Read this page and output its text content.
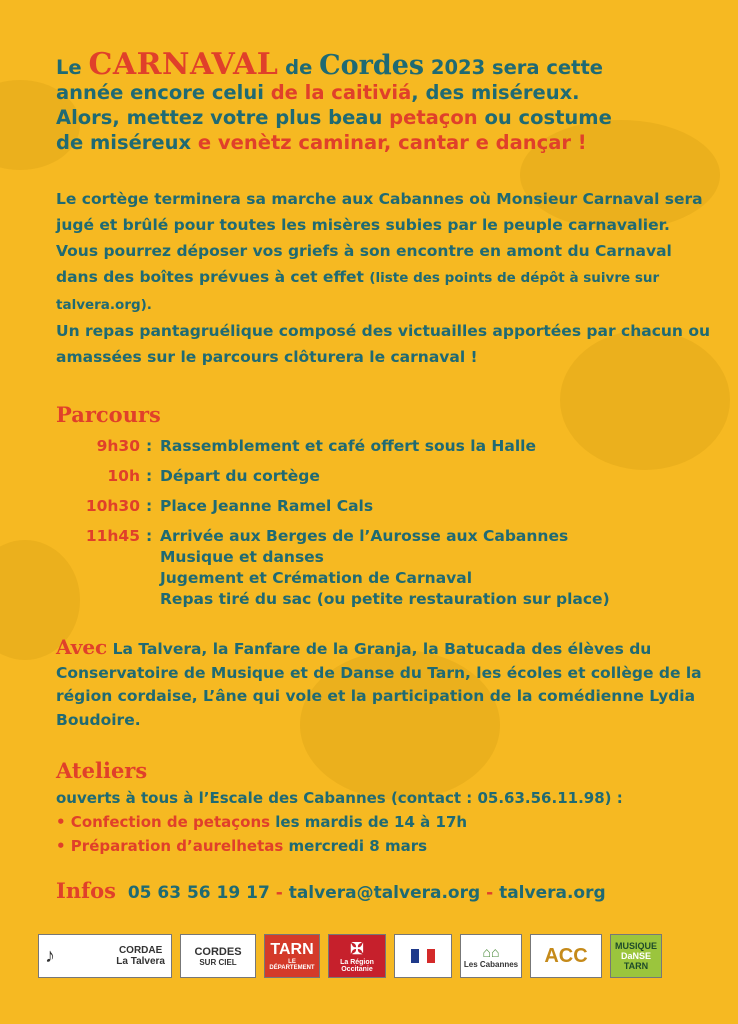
Le CARNAVAL de Cordes 2023 sera cette
année encore celui de la caitiviá, des miséreux.
Alors, mettez votre plus beau petaçon ou costume
de miséreux e venètz caminar, cantar e dançar !

Le cortège terminera sa marche aux Cabannes où Monsieur Carnaval sera jugé et brûlé pour toutes les misères subies par le peuple carnavalier.

Vous pourrez déposer vos griefs à son encontre en amont du Carnaval dans des boîtes prévues à cet effet (liste des points de dépôt à suivre sur talvera.org).

Un repas pantagruélique composé des victuailles apportées par chacun ou amassées sur le parcours clôturera le carnaval !

Parcours
9h30 : Rassemblement et café offert sous la Halle
10h : Départ du cortège
10h30 : Place Jeanne Ramel Cals
11h45 : Arrivée aux Berges de l’Aurosse aux Cabannes
Musique et danses
Jugement et Crémation de Carnaval
Repas tiré du sac (ou petite restauration sur place)
Avec La Talvera, la Fanfare de la Granja, la Batucada des élèves du Conservatoire de Musique et de Danse du Tarn, les écoles et collège de la région cordaise, L’âne qui vole et la participation de la comédienne Lydia Boudoire.
Ateliers
ouverts à tous à l’Escale des Cabannes (contact : 05.63.56.11.98) :
• Confection de petaçons les mardis de 14 à 17h
• Préparation d’aurelhetas mercredi 8 mars
Infos 05 63 56 19 17 - talvera@talvera.org - talvera.org
♪	CORDAE
La Talvera
CORDES
SUR CIEL
TARN
LE DÉPARTEMENT
✠
La Région
Occitanie
⌂⌂
Les Cabannes ACC	MUSIQUE
DaNSE
TARN
